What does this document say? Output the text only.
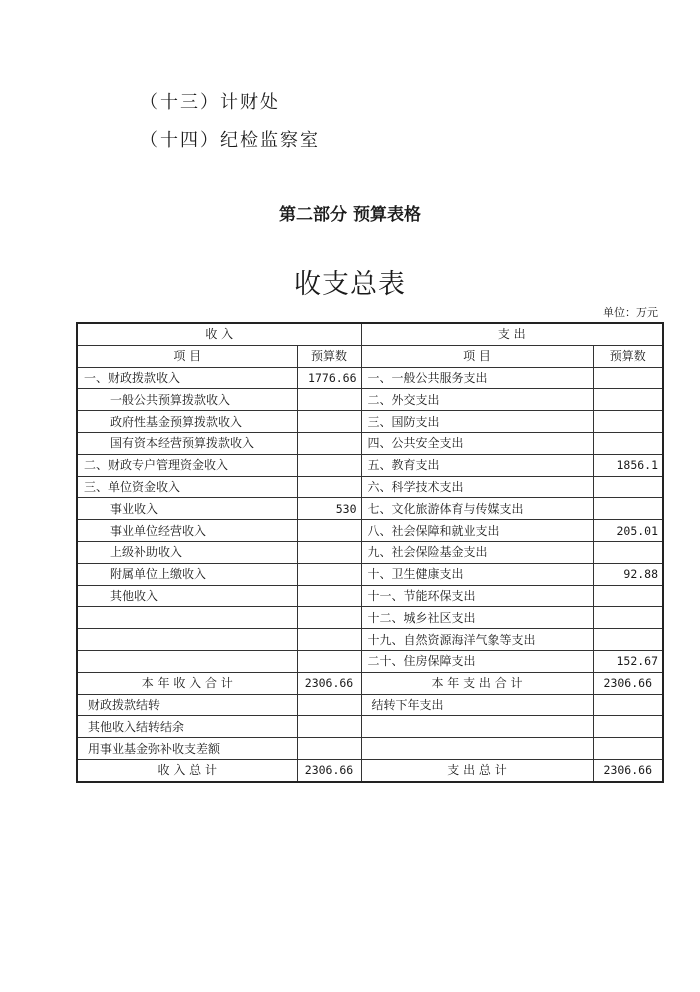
（十三）计财处
（十四）纪检监察室
第二部分 预算表格
收支总表
单位：万元
收 入		支 出	
项 目	预算数	项 目	预算数
一、财政拨款收入	1776.66	一、一般公共服务支出	
一般公共预算拨款收入		二、外交支出	
政府性基金预算拨款收入		三、国防支出	
国有资本经营预算拨款收入		四、公共安全支出	
二、财政专户管理资金收入		五、教育支出	1856.1
三、单位资金收入		六、科学技术支出	
事业收入	530	七、文化旅游体育与传媒支出	
事业单位经营收入		八、社会保障和就业支出	205.01
上级补助收入		九、社会保险基金支出	
附属单位上缴收入		十、卫生健康支出	92.88
其他收入		十一、节能环保支出	
		十二、城乡社区支出	
		十九、自然资源海洋气象等支出	
		二十、住房保障支出	152.67
本 年 收 入 合 计	2306.66	本 年 支 出 合 计	2306.66
财政拨款结转		结转下年支出	
其他收入结转结余			
用事业基金弥补收支差额			
收 入 总 计	2306.66	支 出 总 计	2306.66
